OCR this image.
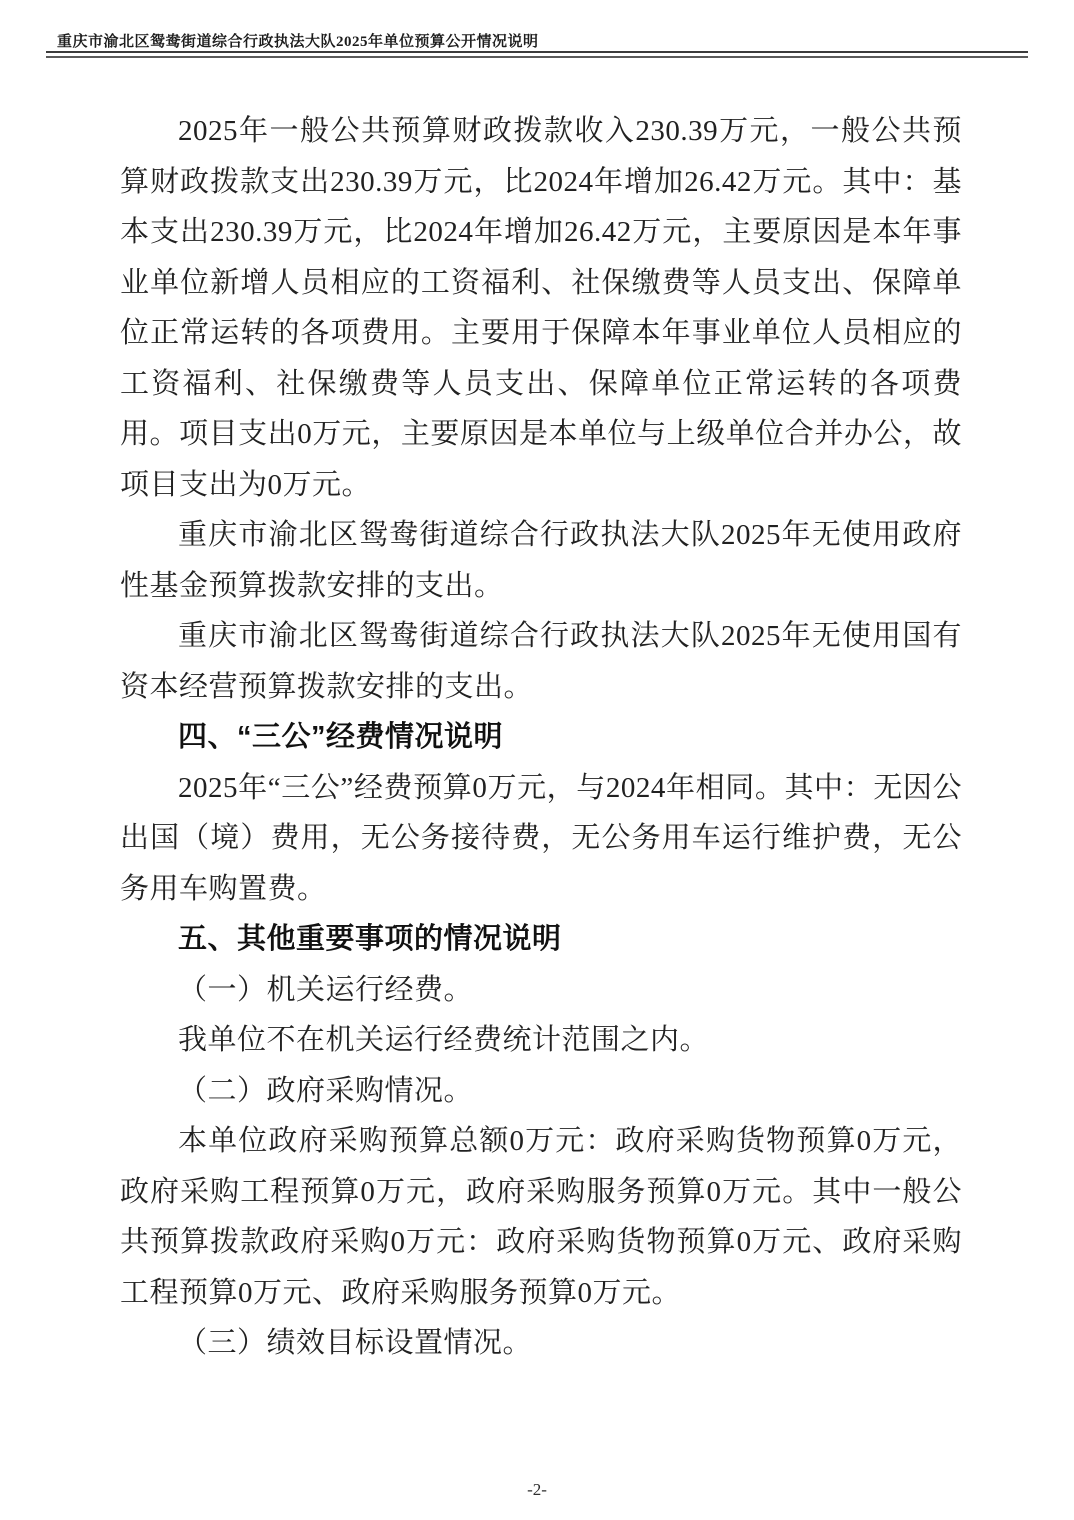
重庆市渝北区鸳鸯街道综合行政执法大队2025年单位预算公开情况说明

2025年一般公共预算财政拨款收入230.39万元，一般公共预算财政拨款支出230.39万元，比2024年增加26.42万元。其中：基本支出230.39万元，比2024年增加26.42万元，主要原因是本年事业单位新增人员相应的工资福利、社保缴费等人员支出、保障单位正常运转的各项费用。主要用于保障本年事业单位人员相应的工资福利、社保缴费等人员支出、保障单位正常运转的各项费用。项目支出0万元，主要原因是本单位与上级单位合并办公，故项目支出为0万元。

重庆市渝北区鸳鸯街道综合行政执法大队2025年无使用政府性基金预算拨款安排的支出。

重庆市渝北区鸳鸯街道综合行政执法大队2025年无使用国有资本经营预算拨款安排的支出。

四、“三公”经费情况说明

2025年“三公”经费预算0万元，与2024年相同。其中：无因公出国（境）费用，无公务接待费，无公务用车运行维护费，无公务用车购置费。

五、其他重要事项的情况说明

（一）机关运行经费。

我单位不在机关运行经费统计范围之内。

（二）政府采购情况。

本单位政府采购预算总额0万元：政府采购货物预算0万元，政府采购工程预算0万元，政府采购服务预算0万元。其中一般公共预算拨款政府采购0万元：政府采购货物预算0万元、政府采购工程预算0万元、政府采购服务预算0万元。

（三）绩效目标设置情况。

-2-
